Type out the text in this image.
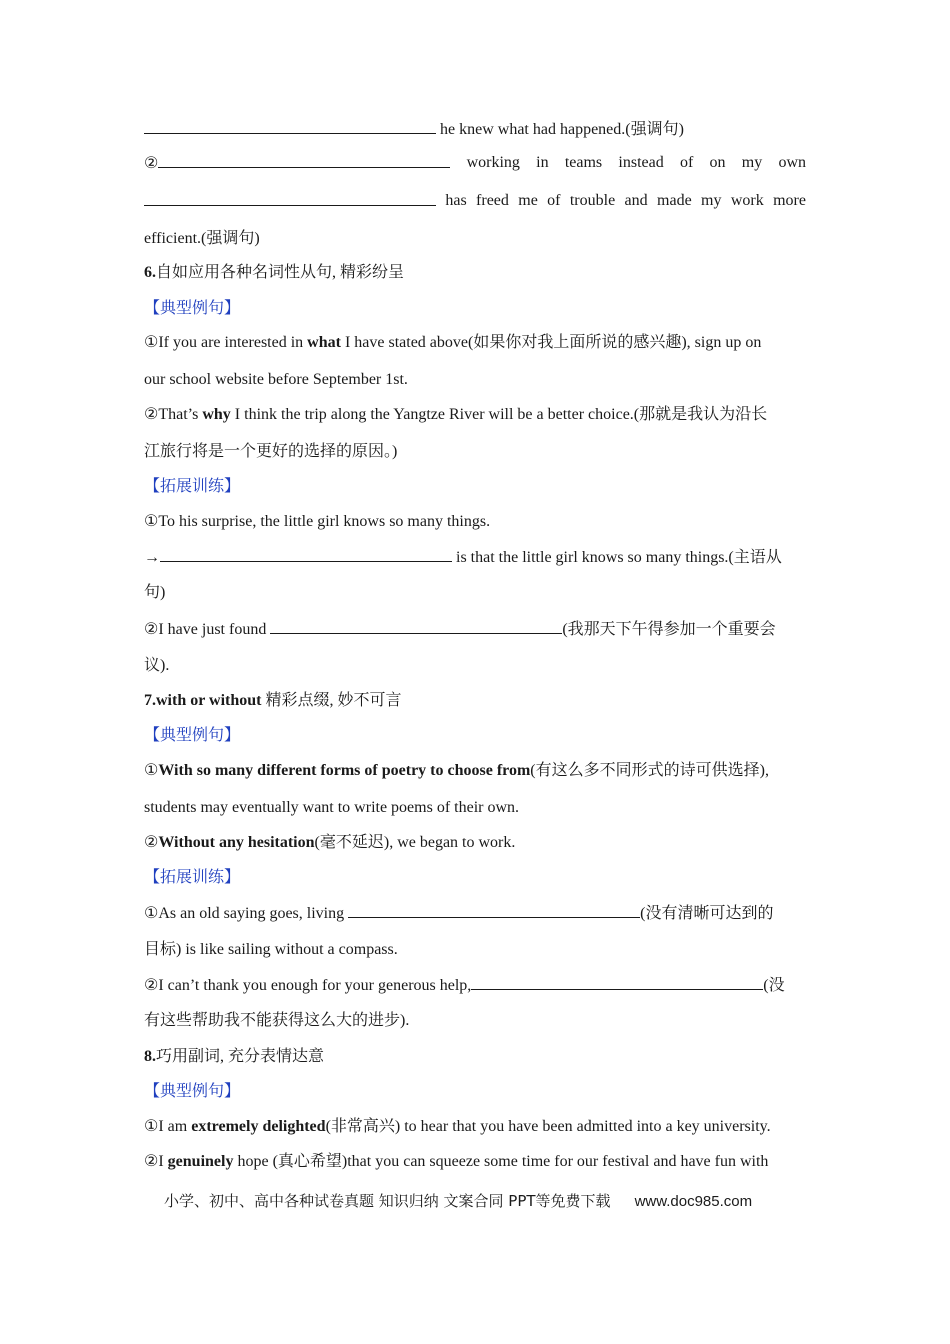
he knew what had happened.(强调句)
②	working in teams instead of on my own
has freed me of trouble and made my work more
efficient.(强调句)
6.自如应用各种名词性从句, 精彩纷呈
【典型例句】
①If you are interested in what I have stated above(如果你对我上面所说的感兴趣), sign up on
our school website before September 1st.
②That’s why I think the trip along the Yangtze River will be a better choice.(那就是我认为沿长
江旅行将是一个更好的选择的原因。)
【拓展训练】
①To his surprise, the little girl knows so many things.
→	is that the little girl knows so many things.(主语从
句)
②I have just found	(我那天下午得参加一个重要会
议).
7.with or without 精彩点缀, 妙不可言
【典型例句】
①With so many different forms of poetry to choose from(有这么多不同形式的诗可供选择),
students may eventually want to write poems of their own.
②Without any hesitation(毫不延迟), we began to work.
【拓展训练】
①As an old saying goes, living	(没有清晰可达到的
目标) is like sailing without a compass.
②I can’t thank you enough for your generous help,	(没
有这些帮助我不能获得这么大的进步).
8.巧用副词, 充分表情达意
【典型例句】
①I am extremely delighted(非常高兴) to hear that you have been admitted into a key university.
②I genuinely hope (真心希望)that you can squeeze some time for our festival and have fun with
小学、初中、高中各种试卷真题 知识归纳 文案合同 PPT等免费下载 www.doc985.com
